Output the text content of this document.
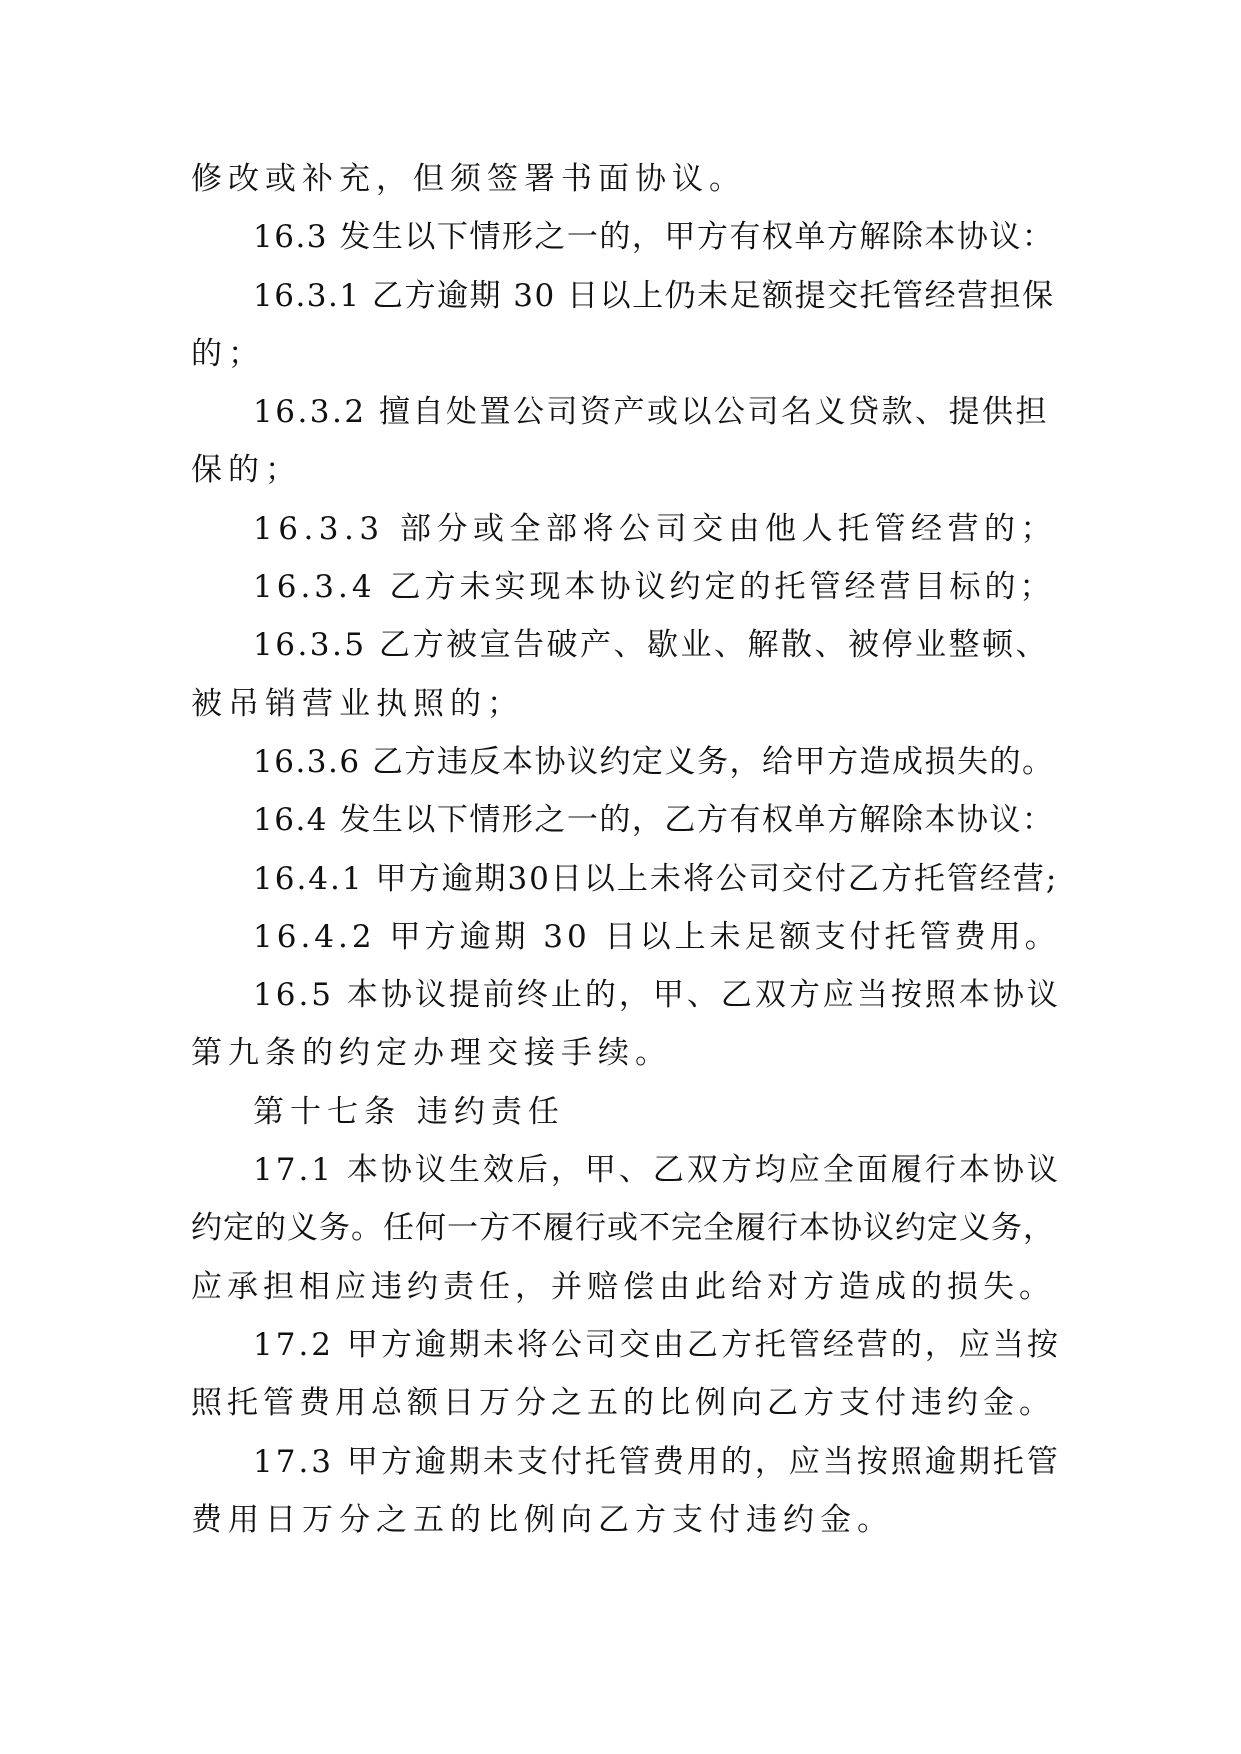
修改或补充，但须签署书面协议。

16.3 发生以下情形之一的，甲方有权单方解除本协议：

16.3.1 乙方逾期 30 日以上仍未足额提交托管经营担保

的；

16.3.2 擅自处置公司资产或以公司名义贷款、提供担

保的；

16.3.3 部分或全部将公司交由他人托管经营的；

16.3.4 乙方未实现本协议约定的托管经营目标的；

16.3.5 乙方被宣告破产、歇业、解散、被停业整顿、

被吊销营业执照的；

16.3.6 乙方违反本协议约定义务，给甲方造成损失的。

16.4 发生以下情形之一的，乙方有权单方解除本协议：

16.4.1 甲方逾期30日以上未将公司交付乙方托管经营;

16.4.2 甲方逾期 30 日以上未足额支付托管费用。

16.5 本协议提前终止的，甲、乙双方应当按照本协议

第九条的约定办理交接手续。

第十七条 违约责任

17.1 本协议生效后，甲、乙双方均应全面履行本协议

约定的义务。任何一方不履行或不完全履行本协议约定义务，

应承担相应违约责任，并赔偿由此给对方造成的损失。

17.2 甲方逾期未将公司交由乙方托管经营的，应当按

照托管费用总额日万分之五的比例向乙方支付违约金。

17.3 甲方逾期未支付托管费用的，应当按照逾期托管

费用日万分之五的比例向乙方支付违约金。
